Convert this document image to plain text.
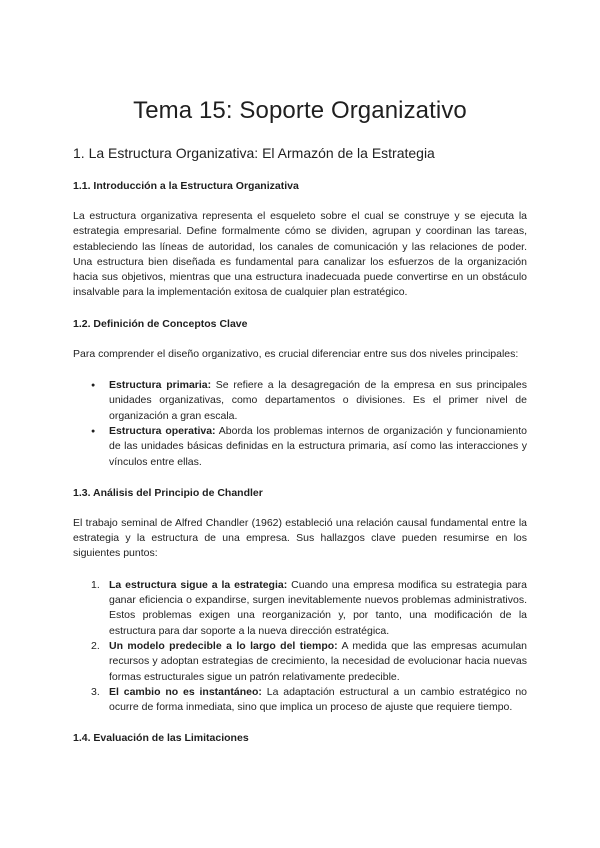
Tema 15: Soporte Organizativo
1. La Estructura Organizativa: El Armazón de la Estrategia
1.1. Introducción a la Estructura Organizativa

La estructura organizativa representa el esqueleto sobre el cual se construye y se ejecuta la estrategia empresarial. Define formalmente cómo se dividen, agrupan y coordinan las tareas, estableciendo las líneas de autoridad, los canales de comunicación y las relaciones de poder. Una estructura bien diseñada es fundamental para canalizar los esfuerzos de la organización hacia sus objetivos, mientras que una estructura inadecuada puede convertirse en un obstáculo insalvable para la implementación exitosa de cualquier plan estratégico.

1.2. Definición de Conceptos Clave

Para comprender el diseño organizativo, es crucial diferenciar entre sus dos niveles principales:

● Estructura primaria: Se refiere a la desagregación de la empresa en sus principales unidades organizativas, como departamentos o divisiones. Es el primer nivel de organización a gran escala.
● Estructura operativa: Aborda los problemas internos de organización y funcionamiento de las unidades básicas definidas en la estructura primaria, así como las interacciones y vínculos entre ellas.
1.3. Análisis del Principio de Chandler

El trabajo seminal de Alfred Chandler (1962) estableció una relación causal fundamental entre la estrategia y la estructura de una empresa. Sus hallazgos clave pueden resumirse en los siguientes puntos:

1. La estructura sigue a la estrategia: Cuando una empresa modifica su estrategia para ganar eficiencia o expandirse, surgen inevitablemente nuevos problemas administrativos. Estos problemas exigen una reorganización y, por tanto, una modificación de la estructura para dar soporte a la nueva dirección estratégica.
2. Un modelo predecible a lo largo del tiempo: A medida que las empresas acumulan recursos y adoptan estrategias de crecimiento, la necesidad de evolucionar hacia nuevas formas estructurales sigue un patrón relativamente predecible.
3. El cambio no es instantáneo: La adaptación estructural a un cambio estratégico no ocurre de forma inmediata, sino que implica un proceso de ajuste que requiere tiempo.
1.4. Evaluación de las Limitaciones
